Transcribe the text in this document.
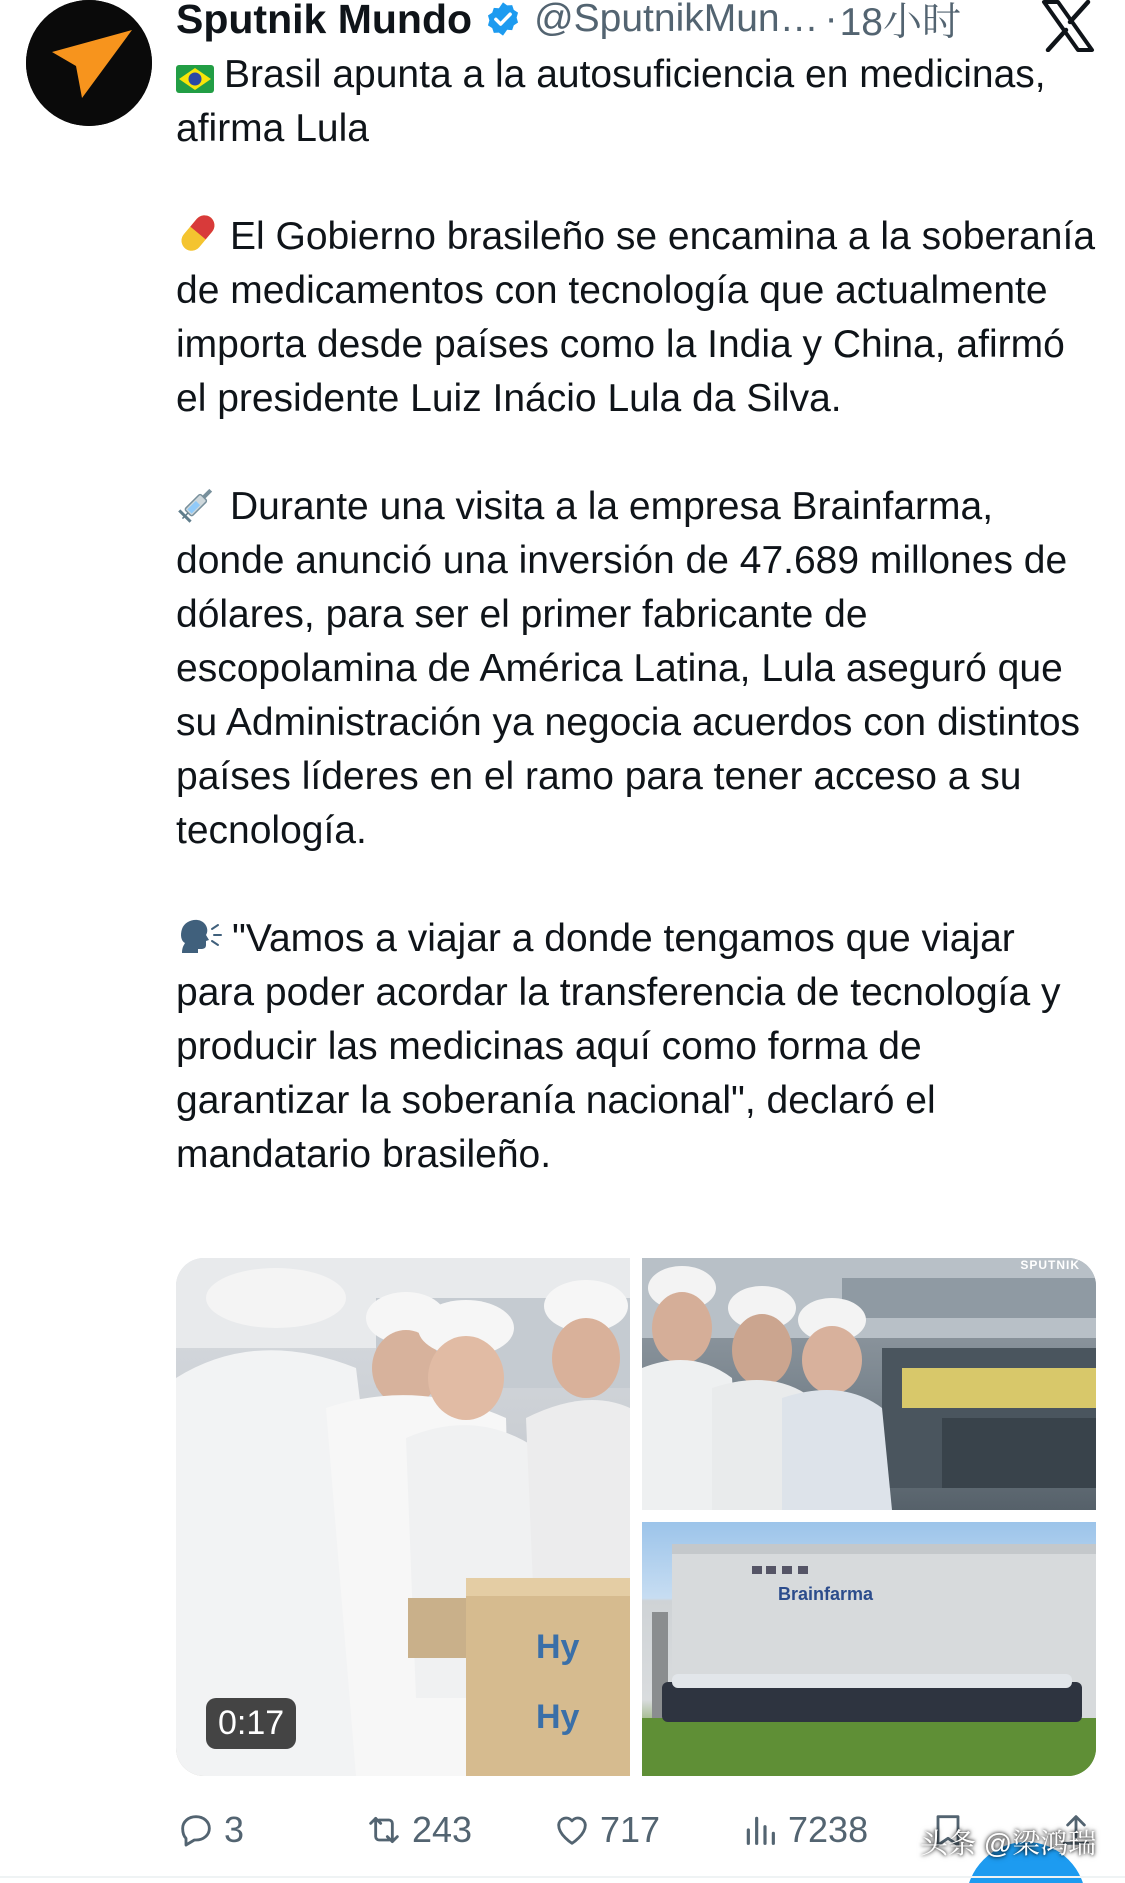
Sputnik Mundo @SputnikMun… · 18小时
Brasil apunta a la autosuficiencia en medicinas, afirma Lula
El Gobierno brasileño se encamina a la soberanía de medicamentos con tecnología que actualmente importa desde países como la India y China, afirmó el presidente Luiz Inácio Lula da Silva.
Durante una visita a la empresa Brainfarma, donde anunció una inversión de 47.689 millones de dólares, para ser el primer fabricante de escopolamina de América Latina, Lula aseguró que su Administración ya negocia acuerdos con distintos países líderes en el ramo para tener acceso a su tecnología.
"Vamos a viajar a donde tengamos que viajar para poder acordar la transferencia de tecnología y producir las medicinas aquí como forma de garantizar la soberanía nacional", declaró el mandatario brasileño.
Hy
Hy
0:17
SPUTNIK
Brainfarma
3	243	717	7238 头条 @梁鸿瑞
